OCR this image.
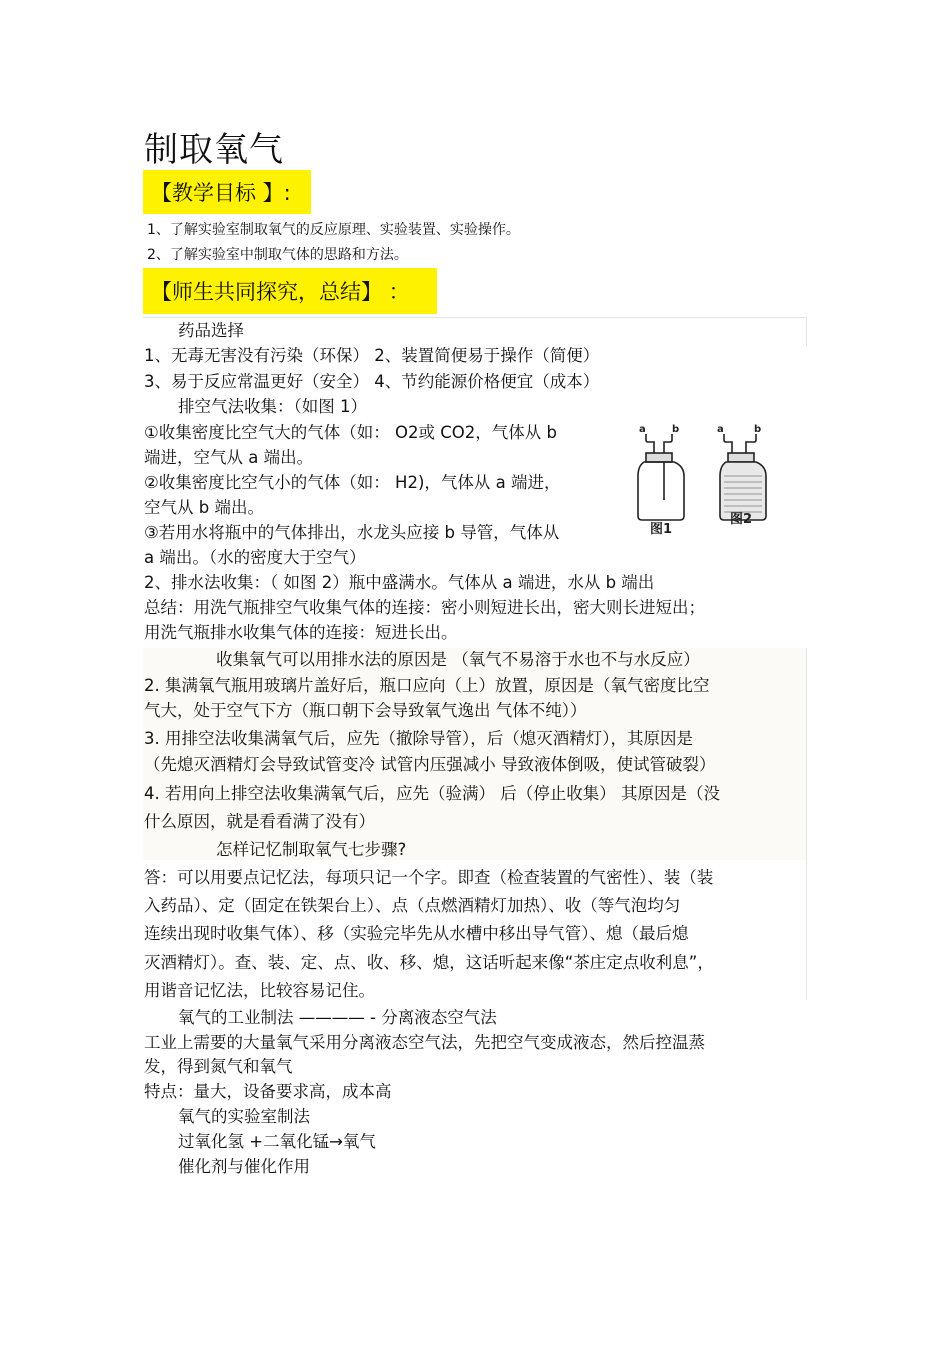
制取氧气
【教学目标 】:
1、了解实验室制取氧气的反应原理、实验装置、实验操作。
2、了解实验室中制取气体的思路和方法。
【师生共同探究，总结】 ：
药品选择
1、无毒无害没有污染（环保） 2、装置简便易于操作（简便）
3、易于反应常温更好（安全） 4、节约能源价格便宜（成本）
排空气法收集：（如图 1）
①收集密度比空气大的气体（如： O2或 CO2，气体从 b
端进，空气从 a 端出。
②收集密度比空气小的气体（如： H2)，气体从 a 端进，
空气从 b 端出。
③若用水将瓶中的气体排出，水龙头应接 b 导管，气体从
a 端出。（水的密度大于空气）
2、排水法收集：（ 如图 2）瓶中盛满水。气体从 a 端进，水从 b 端出
总结：用洗气瓶排空气收集气体的连接：密小则短进长出，密大则长进短出；
用洗气瓶排水收集气体的连接：短进长出。
收集氧气可以用排水法的原因是 （氧气不易溶于水也不与水反应）
2. 集满氧气瓶用玻璃片盖好后，瓶口应向（上）放置，原因是（氧气密度比空
气大，处于空气下方（瓶口朝下会导致氧气逸出 气体不纯））
3. 用排空法收集满氧气后，应先（撤除导管），后（熄灭酒精灯），其原因是
（先熄灭酒精灯会导致试管变冷 试管内压强减小 导致液体倒吸，使试管破裂）
4. 若用向上排空法收集满氧气后，应先（验满） 后（停止收集） 其原因是（没
什么原因，就是看看满了没有）
怎样记忆制取氧气七步骤?
答：可以用要点记忆法，每项只记一个字。即查（检查装置的气密性）、装（装
入药品）、定（固定在铁架台上）、点（点燃酒精灯加热）、收（等气泡均匀
连续出现时收集气体）、移（实验完毕先从水槽中移出导气管）、熄（最后熄
灭酒精灯）。查、装、定、点、收、移、熄，这话听起来像“茶庄定点收利息”，
用谐音记忆法，比较容易记住。
氧气的工业制法 ———— - 分离液态空气法
工业上需要的大量氧气采用分离液态空气法，先把空气变成液态，然后控温蒸
发，得到氮气和氧气
特点：量大，设备要求高，成本高
氧气的实验室制法
过氧化氢 +二氧化锰→氧气
催化剂与催化作用
a	b
图1
a	b
图2
